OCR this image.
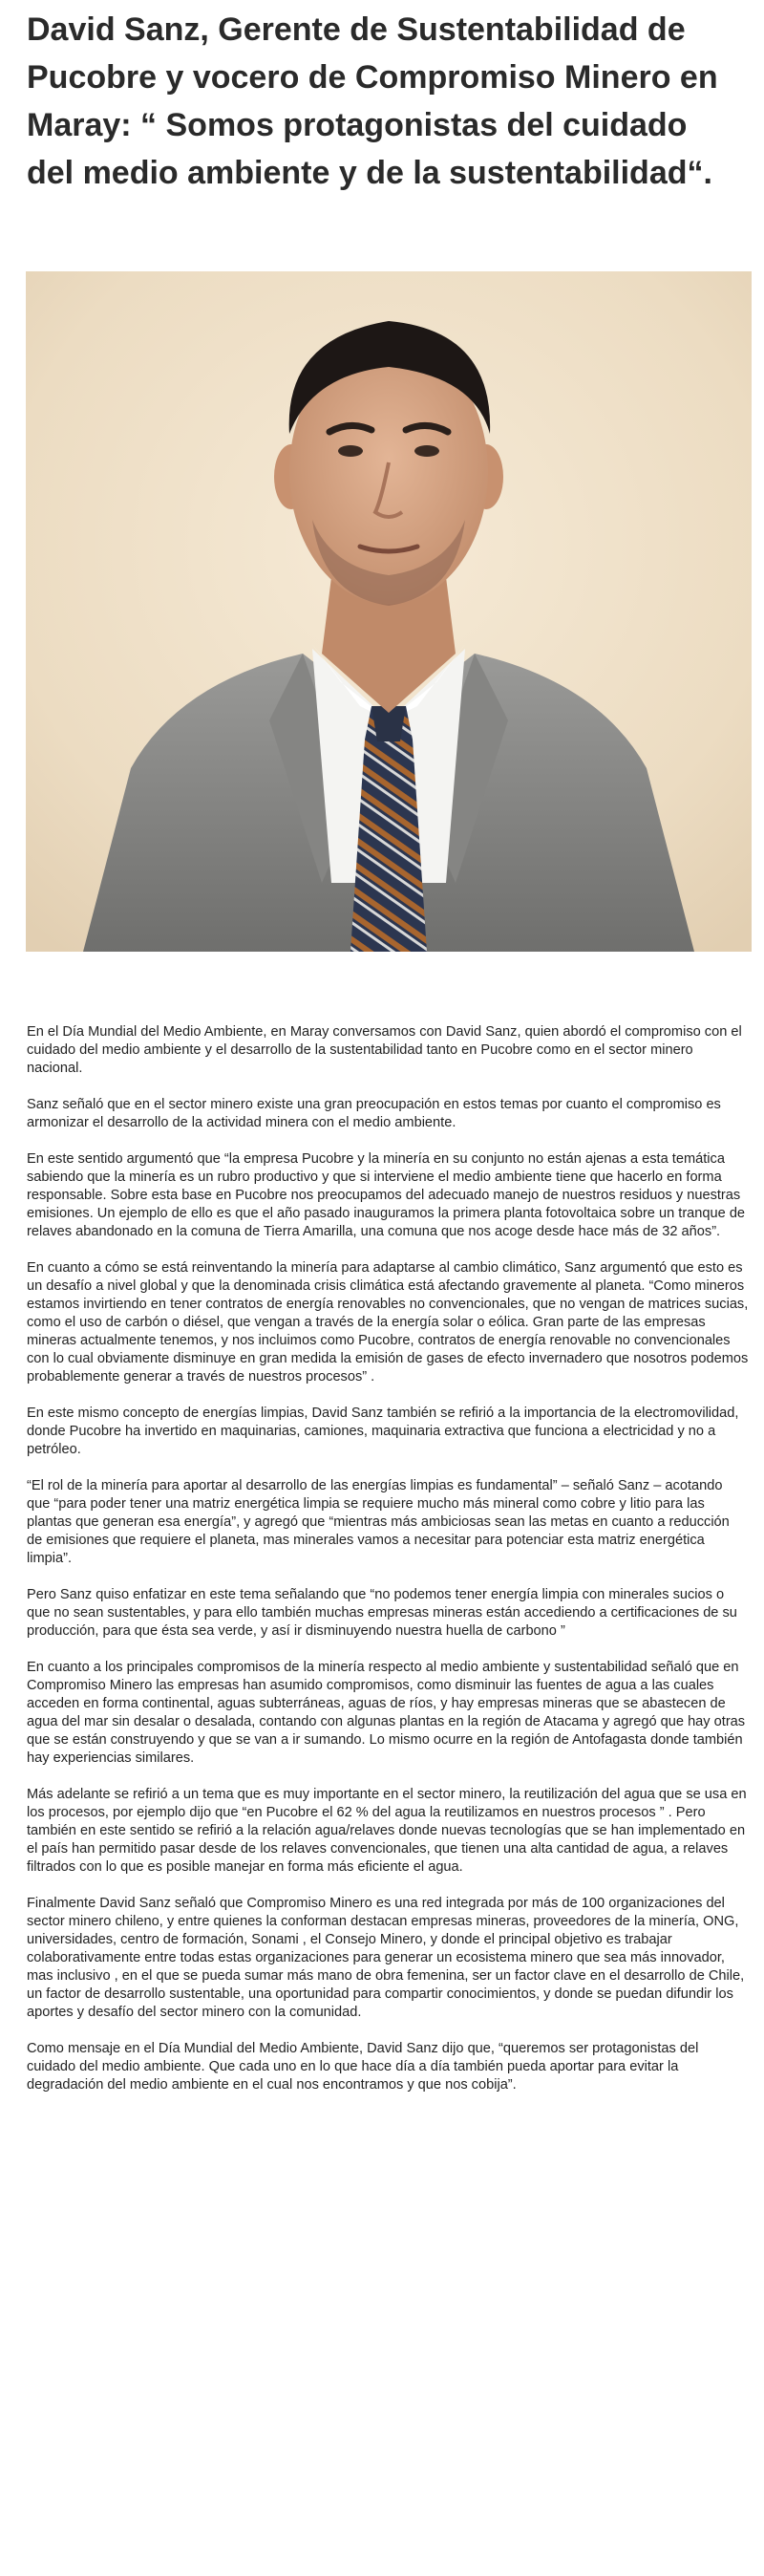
David Sanz, Gerente de Sustentabilidad de Pucobre y vocero de Compromiso Minero en Maray: “ Somos protagonistas del cuidado del medio ambiente y de la sustentabilidad“.

En el Día Mundial del Medio Ambiente, en Maray conversamos con David Sanz, quien abordó el compromiso con el cuidado del medio ambiente y el desarrollo de la sustentabilidad tanto en Pucobre como en el sector minero nacional.

Sanz señaló que en el sector minero existe una gran preocupación en estos temas por cuanto el compromiso es armonizar el desarrollo de la actividad minera con el medio ambiente.

En este sentido argumentó que “la empresa Pucobre y la minería en su conjunto no están ajenas a esta temática sabiendo que la minería es un rubro productivo y que si interviene el medio ambiente tiene que hacerlo en forma responsable. Sobre esta base en Pucobre nos preocupamos del adecuado manejo de nuestros residuos y nuestras emisiones. Un ejemplo de ello es que el año pasado inauguramos la primera planta fotovoltaica sobre un tranque de relaves abandonado en la comuna de Tierra Amarilla, una comuna que nos acoge desde hace más de 32 años”.

En cuanto a cómo se está reinventando la minería para adaptarse al cambio climático, Sanz argumentó que esto es un desafío a nivel global y que la denominada crisis climática está afectando gravemente al planeta. “Como mineros estamos invirtiendo en tener contratos de energía renovables no convencionales, que no vengan de matrices sucias, como el uso de carbón o diésel, que vengan a través de la energía solar o eólica. Gran parte de las empresas mineras actualmente tenemos, y nos incluimos como Pucobre, contratos de energía renovable no convencionales con lo cual obviamente disminuye en gran medida la emisión de gases de efecto invernadero que nosotros podemos probablemente generar a través de nuestros procesos” .

En este mismo concepto de energías limpias, David Sanz también se refirió a la importancia de la electromovilidad, donde Pucobre ha invertido en maquinarias, camiones, maquinaria extractiva que funciona a electricidad y no a petróleo.

“El rol de la minería para aportar al desarrollo de las energías limpias es fundamental” – señaló Sanz – acotando que “para poder tener una matriz energética limpia se requiere mucho más mineral como cobre y litio para las plantas que generan esa energía”, y agregó que “mientras más ambiciosas sean las metas en cuanto a reducción de emisiones que requiere el planeta, mas minerales vamos a necesitar para potenciar esta matriz energética limpia”.

Pero Sanz quiso enfatizar en este tema señalando que “no podemos tener energía limpia con minerales sucios o que no sean sustentables, y para ello también muchas empresas mineras están accediendo a certificaciones de su producción, para que ésta sea verde, y así ir disminuyendo nuestra huella de carbono ”

En cuanto a los principales compromisos de la minería respecto al medio ambiente y sustentabilidad señaló que en Compromiso Minero las empresas han asumido compromisos, como disminuir las fuentes de agua a las cuales acceden en forma continental, aguas subterráneas, aguas de ríos, y hay empresas mineras que se abastecen de agua del mar sin desalar o desalada, contando con algunas plantas en la región de Atacama y agregó que hay otras que se están construyendo y que se van a ir sumando. Lo mismo ocurre en la región de Antofagasta donde también hay experiencias similares.

Más adelante se refirió a un tema que es muy importante en el sector minero, la reutilización del agua que se usa en los procesos, por ejemplo dijo que “en Pucobre el 62 % del agua la reutilizamos en nuestros procesos ” . Pero también en este sentido se refirió a la relación agua/relaves donde nuevas tecnologías que se han implementado en el país han permitido pasar desde de los relaves convencionales, que tienen una alta cantidad de agua, a relaves filtrados con lo que es posible manejar en forma más eficiente el agua.

Finalmente David Sanz señaló que Compromiso Minero es una red integrada por más de 100 organizaciones del sector minero chileno, y entre quienes la conforman destacan empresas mineras, proveedores de la minería, ONG, universidades, centro de formación, Sonami , el Consejo Minero, y donde el principal objetivo es trabajar colaborativamente entre todas estas organizaciones para generar un ecosistema minero que sea más innovador, mas inclusivo , en el que se pueda sumar más mano de obra femenina, ser un factor clave en el desarrollo de Chile, un factor de desarrollo sustentable, una oportunidad para compartir conocimientos, y donde se puedan difundir los aportes y desafío del sector minero con la comunidad.

Como mensaje en el Día Mundial del Medio Ambiente, David Sanz dijo que, “queremos ser protagonistas del cuidado del medio ambiente. Que cada uno en lo que hace día a día también pueda aportar para evitar la degradación del medio ambiente en el cual nos encontramos y que nos cobija”.
